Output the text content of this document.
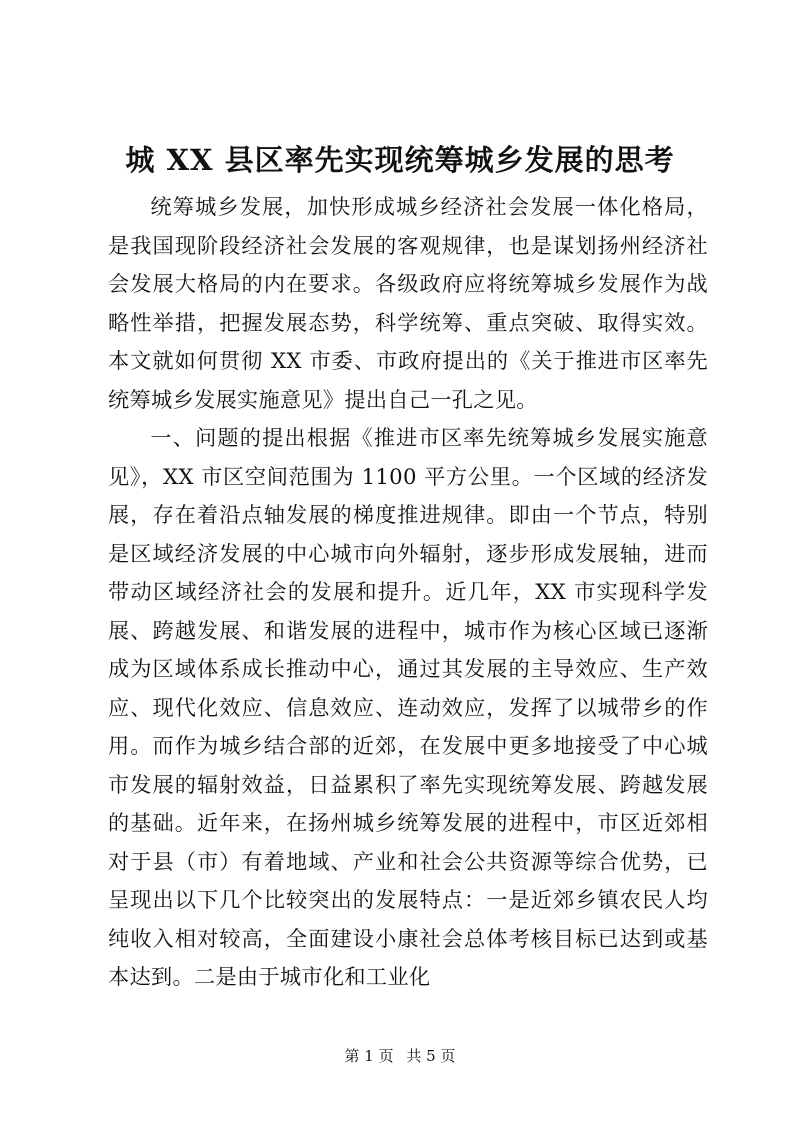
城 XX 县区率先实现统筹城乡发展的思考

统筹城乡发展，加快形成城乡经济社会发展一体化格局，是我国现阶段经济社会发展的客观规律，也是谋划扬州经济社会发展大格局的内在要求。各级政府应将统筹城乡发展作为战略性举措，把握发展态势，科学统筹、重点突破、取得实效。本文就如何贯彻 XX 市委、市政府提出的《关于推进市区率先统筹城乡发展实施意见》提出自己一孔之见。

一、问题的提出根据《推进市区率先统筹城乡发展实施意见》，XX 市区空间范围为 1100 平方公里。一个区域的经济发展，存在着沿点轴发展的梯度推进规律。即由一个节点，特别是区域经济发展的中心城市向外辐射，逐步形成发展轴，进而带动区域经济社会的发展和提升。近几年，XX 市实现科学发展、跨越发展、和谐发展的进程中，城市作为核心区域已逐渐成为区域体系成长推动中心，通过其发展的主导效应、生产效应、现代化效应、信息效应、连动效应，发挥了以城带乡的作用。而作为城乡结合部的近郊，在发展中更多地接受了中心城市发展的辐射效益，日益累积了率先实现统筹发展、跨越发展的基础。近年来，在扬州城乡统筹发展的进程中，市区近郊相对于县（市）有着地域、产业和社会公共资源等综合优势，已呈现出以下几个比较突出的发展特点：一是近郊乡镇农民人均纯收入相对较高，全面建设小康社会总体考核目标已达到或基本达到。二是由于城市化和工业化

第 1 页 共 5 页
